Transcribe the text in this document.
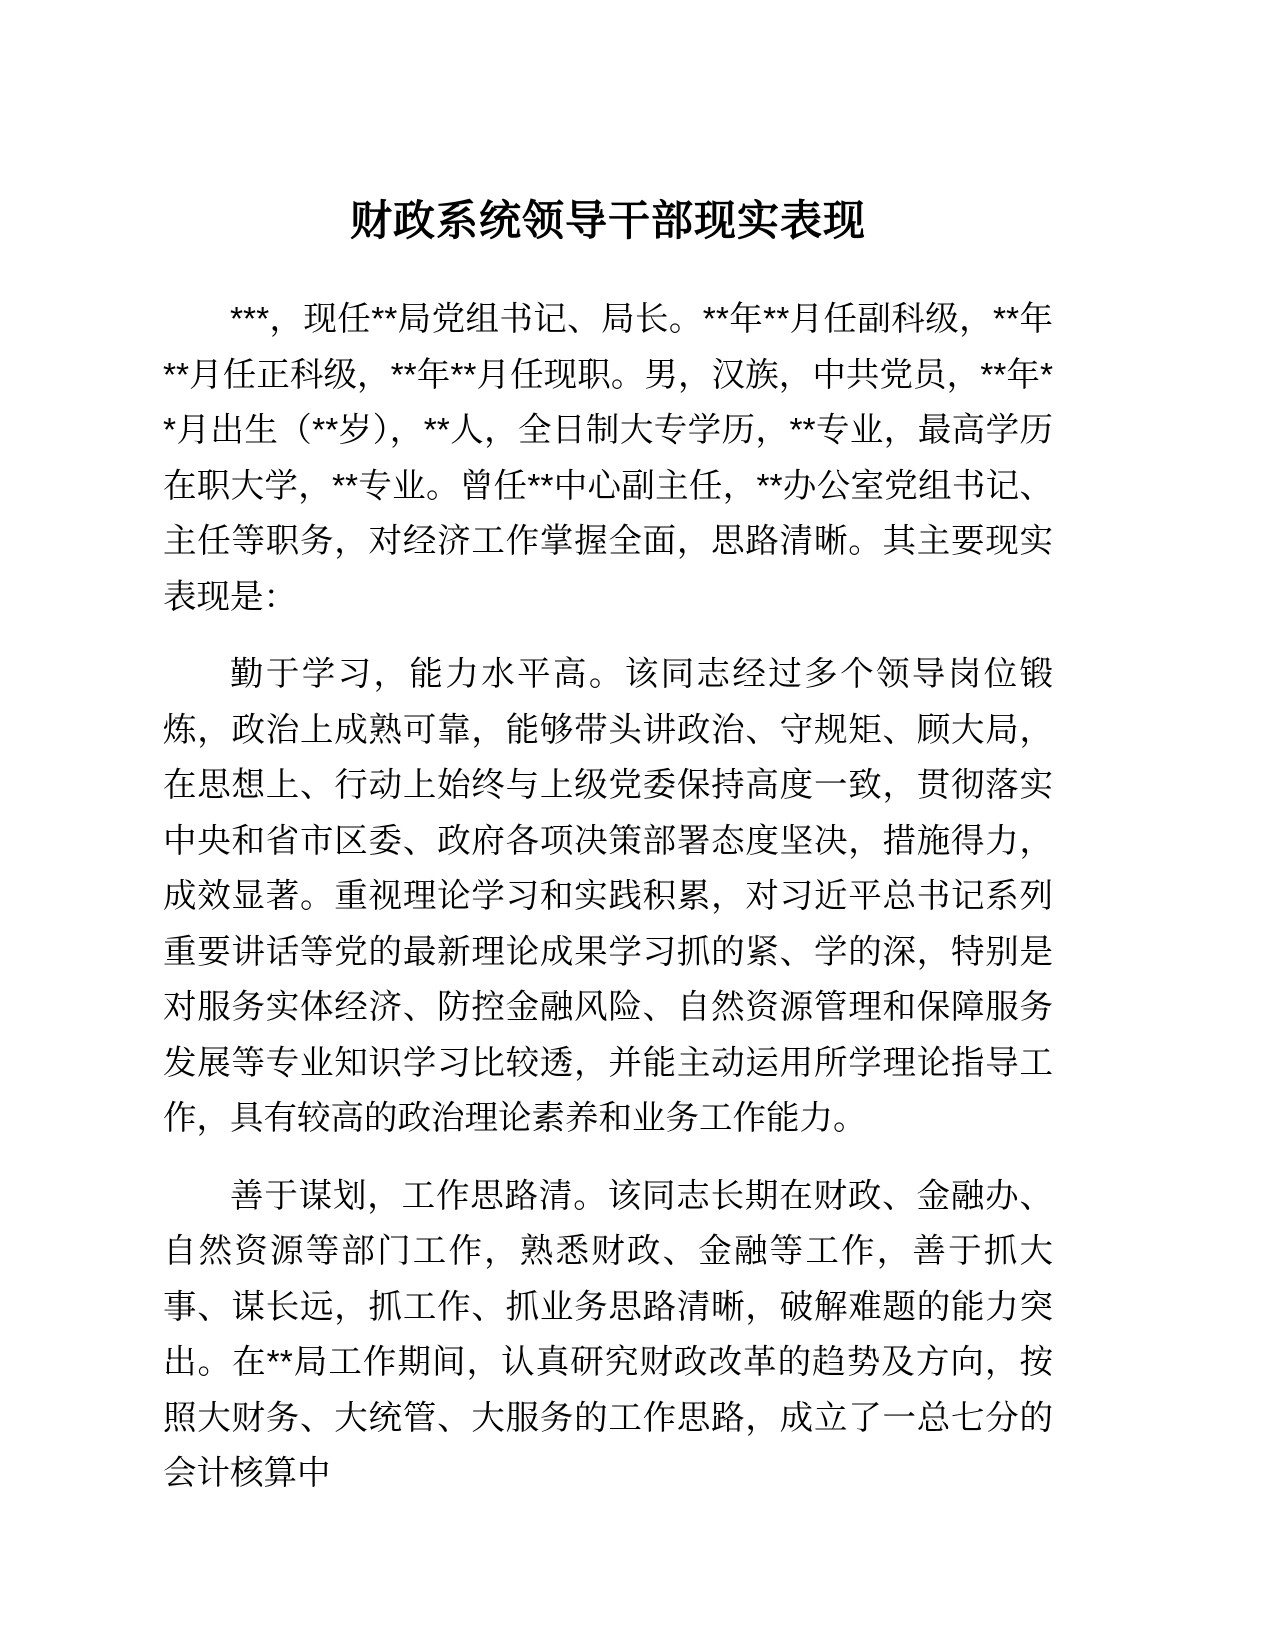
财政系统领导干部现实表现

***，现任**局党组书记、局长。**年**月任副科级，**年**月任正科级，**年**月任现职。男，汉族，中共党员，**年**月出生（**岁），**人，全日制大专学历，**专业，最高学历在职大学，**专业。曾任**中心副主任，**办公室党组书记、主任等职务，对经济工作掌握全面，思路清晰。其主要现实表现是：

勤于学习，能力水平高。该同志经过多个领导岗位锻炼，政治上成熟可靠，能够带头讲政治、守规矩、顾大局，在思想上、行动上始终与上级党委保持高度一致，贯彻落实中央和省市区委、政府各项决策部署态度坚决，措施得力，成效显著。重视理论学习和实践积累，对习近平总书记系列重要讲话等党的最新理论成果学习抓的紧、学的深，特别是对服务实体经济、防控金融风险、自然资源管理和保障服务发展等专业知识学习比较透，并能主动运用所学理论指导工作，具有较高的政治理论素养和业务工作能力。

善于谋划，工作思路清。该同志长期在财政、金融办、自然资源等部门工作，熟悉财政、金融等工作，善于抓大事、谋长远，抓工作、抓业务思路清晰，破解难题的能力突出。在**局工作期间，认真研究财政改革的趋势及方向，按照大财务、大统管、大服务的工作思路，成立了一总七分的会计核算中
